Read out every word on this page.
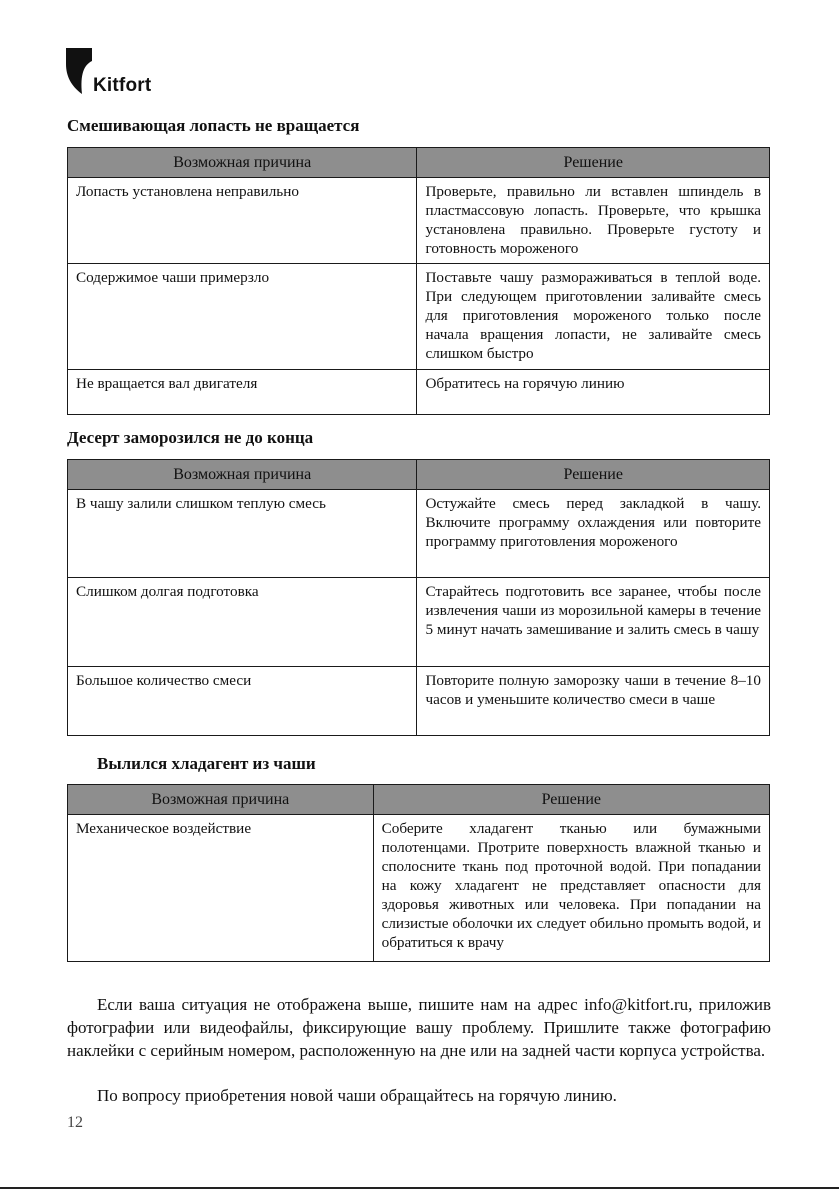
Kitfort
Смешивающая лопасть не вращается
Возможная причина	Решение
Лопасть установлена неправильно	Проверьте, правильно ли вставлен шпиндель в пластмассовую лопасть. Проверьте, что крышка установлена правильно. Проверьте густоту и готовность мороженого
Содержимое чаши примерзло	Поставьте чашу размораживаться в теплой воде. При следующем приготовлении заливайте смесь для приготовления мороженого только после начала вращения лопасти, не заливайте смесь слишком быстро
Не вращается вал двигателя	Обратитесь на горячую линию
Десерт заморозился не до конца
Возможная причина	Решение
В чашу залили слишком теплую смесь	Остужайте смесь перед закладкой в чашу. Включите программу охлаждения или повторите программу приготовления мороженого
Слишком долгая подготовка	Старайтесь подготовить все заранее, чтобы после извлечения чаши из морозильной камеры в течение 5 минут начать замешивание и залить смесь в чашу
Большое количество смеси	Повторите полную заморозку чаши в течение 8–10 часов и уменьшите количество смеси в чаше
Вылился хладагент из чаши
Возможная причина	Решение
Механическое воздействие	Соберите хладагент тканью или бумажными полотенцами. Протрите поверхность влажной тканью и сполосните ткань под проточной водой. При попадании на кожу хладагент не представляет опасности для здоровья животных или человека. При попадании на слизистые оболочки их следует обильно промыть водой, и обратиться к врачу

Если ваша ситуация не отображена выше, пишите нам на адрес info@kitfort.ru, приложив фотографии или видеофайлы, фиксирующие вашу проблему. Пришлите также фотографию наклейки с серийным номером, расположенную на дне или на задней части корпуса устройства.

По вопросу приобретения новой чаши обращайтесь на горячую линию.

12
